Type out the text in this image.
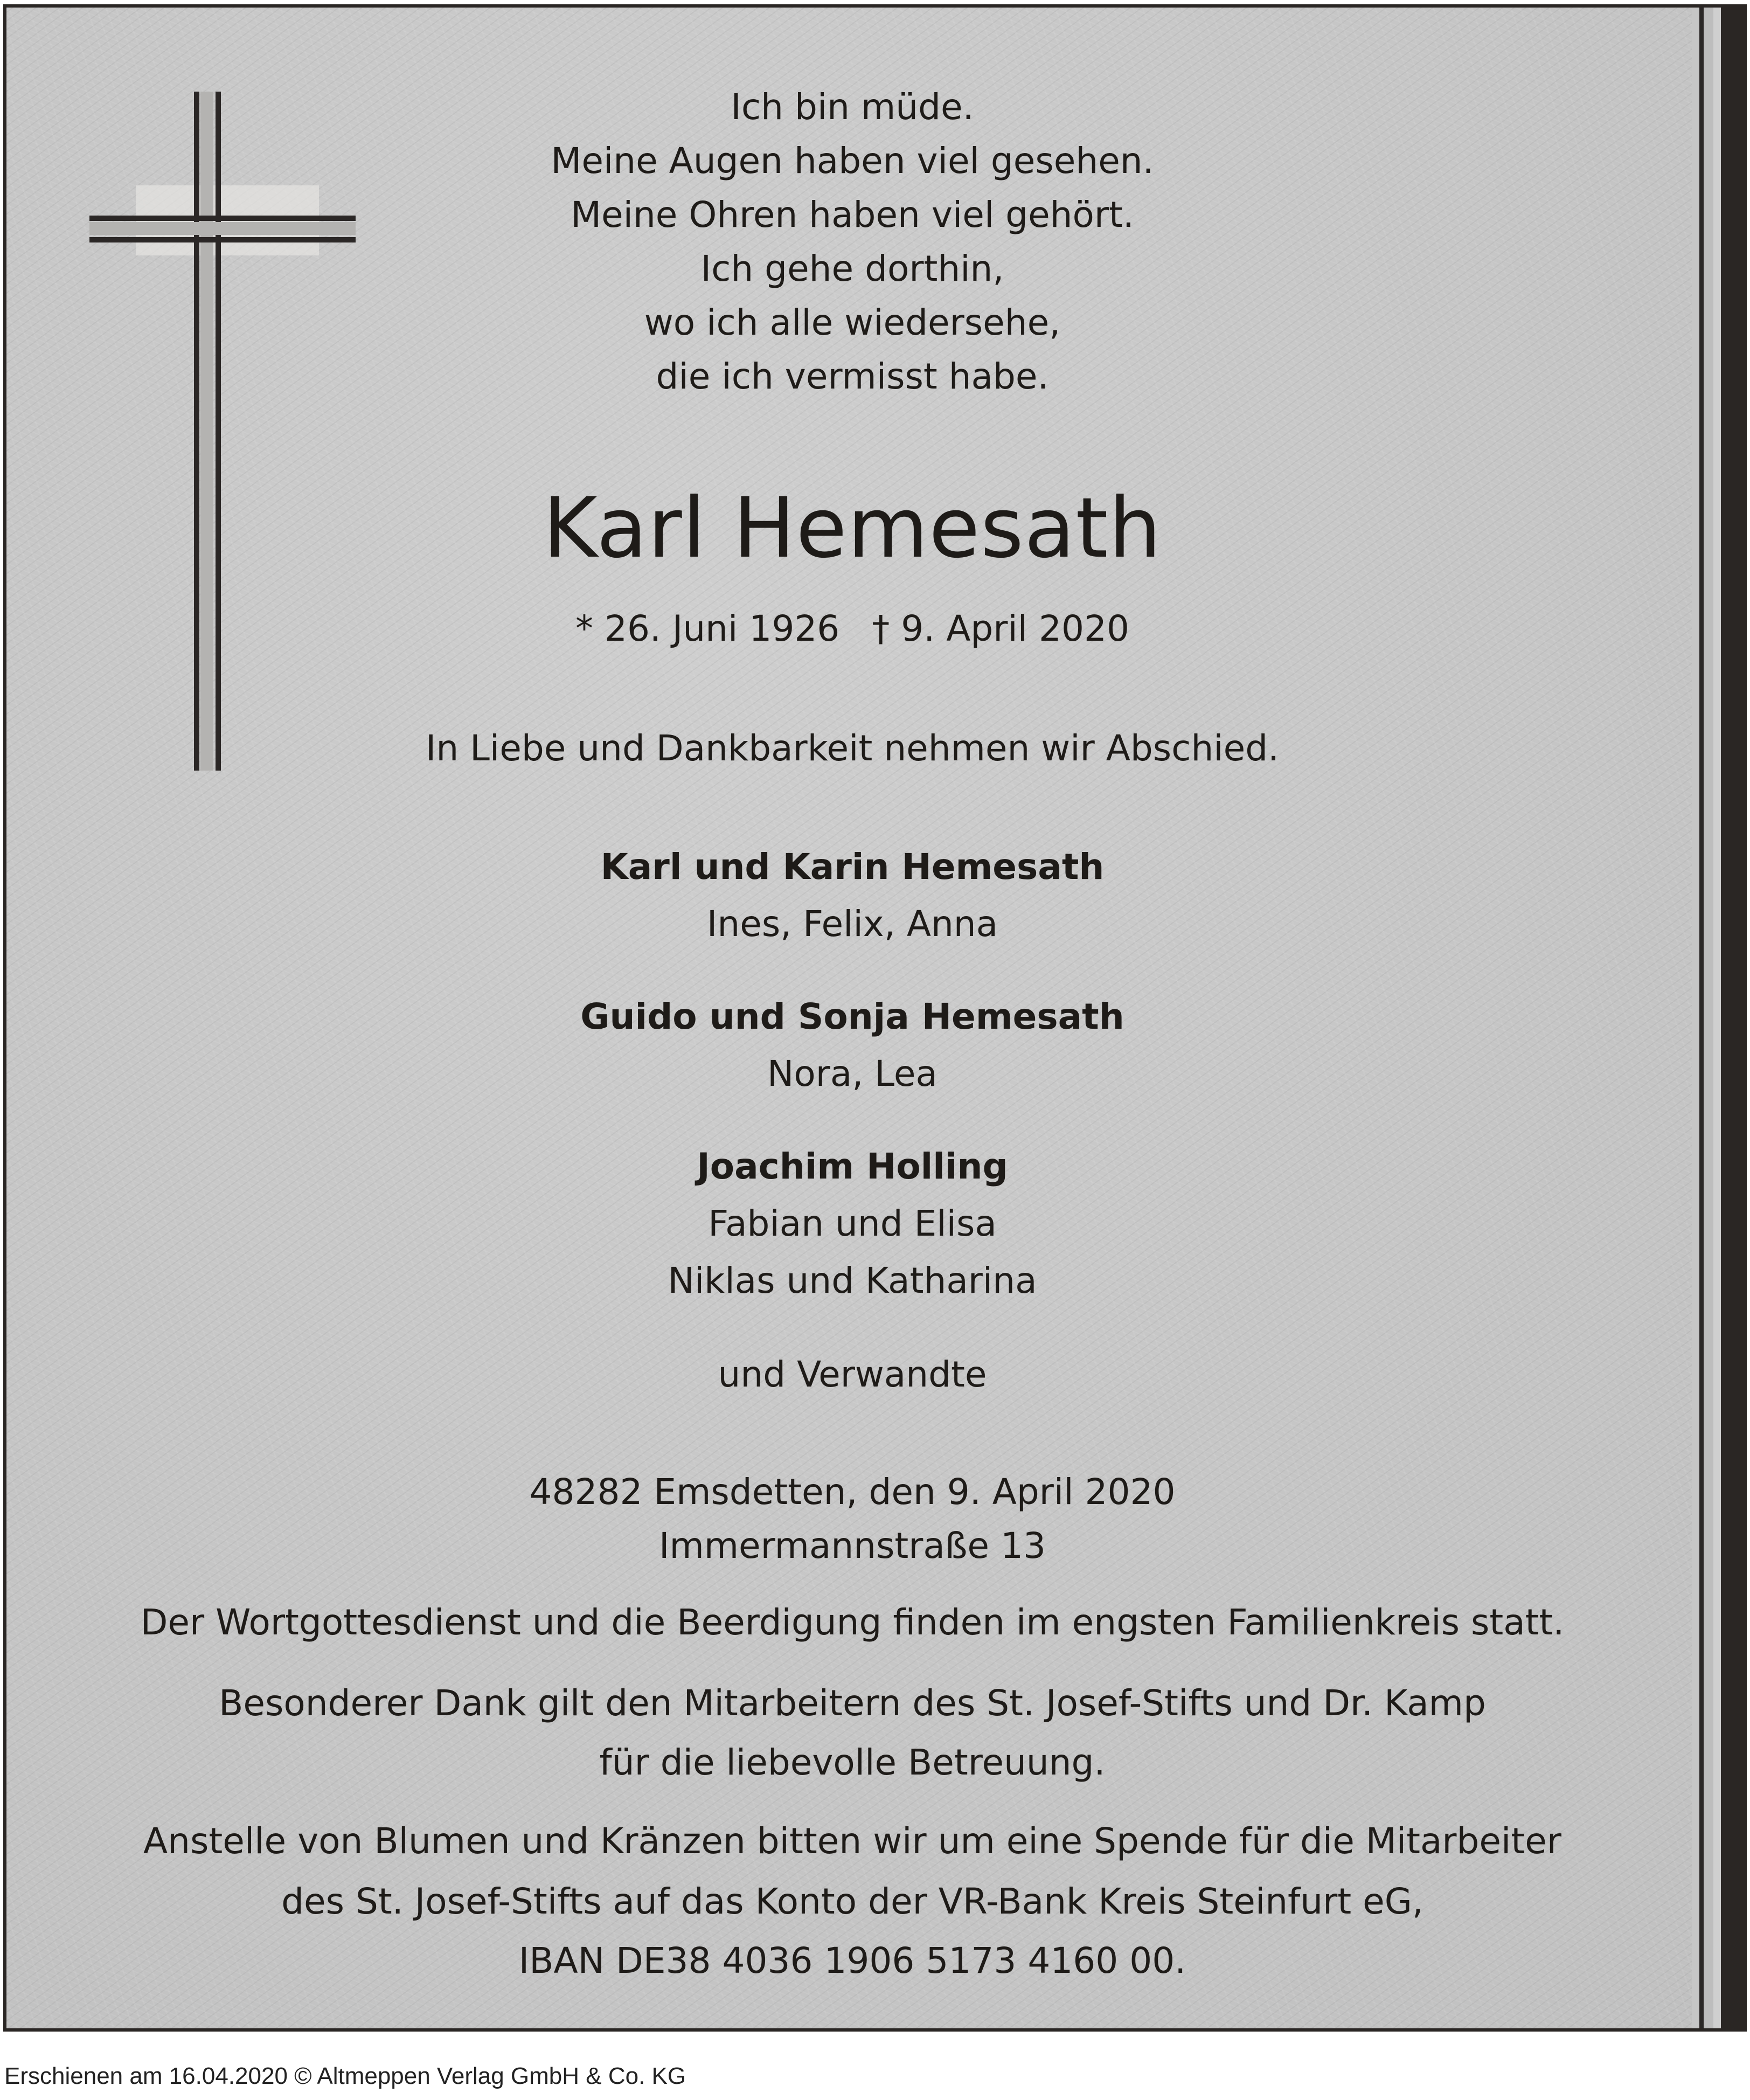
Ich bin müde.
Meine Augen haben viel gesehen.
Meine Ohren haben viel gehört.
Ich gehe dorthin,
wo ich alle wiedersehe,
die ich vermisst habe.
Karl Hemesath
* 26. Juni 1926 † 9. April 2020
In Liebe und Dankbarkeit nehmen wir Abschied.
Karl und Karin Hemesath
Ines, Felix, Anna
Guido und Sonja Hemesath
Nora, Lea
Joachim Holling
Fabian und Elisa
Niklas und Katharina
und Verwandte
48282 Emsdetten, den 9. April 2020
Immermannstraße 13
Der Wortgottesdienst und die Beerdigung finden im engsten Familienkreis statt.
Besonderer Dank gilt den Mitarbeitern des St. Josef-Stifts und Dr. Kamp
für die liebevolle Betreuung.
Anstelle von Blumen und Kränzen bitten wir um eine Spende für die Mitarbeiter
des St. Josef-Stifts auf das Konto der VR-Bank Kreis Steinfurt eG,
IBAN DE38 4036 1906 5173 4160 00.
Erschienen am 16.04.2020 © Altmeppen Verlag GmbH & Co. KG
